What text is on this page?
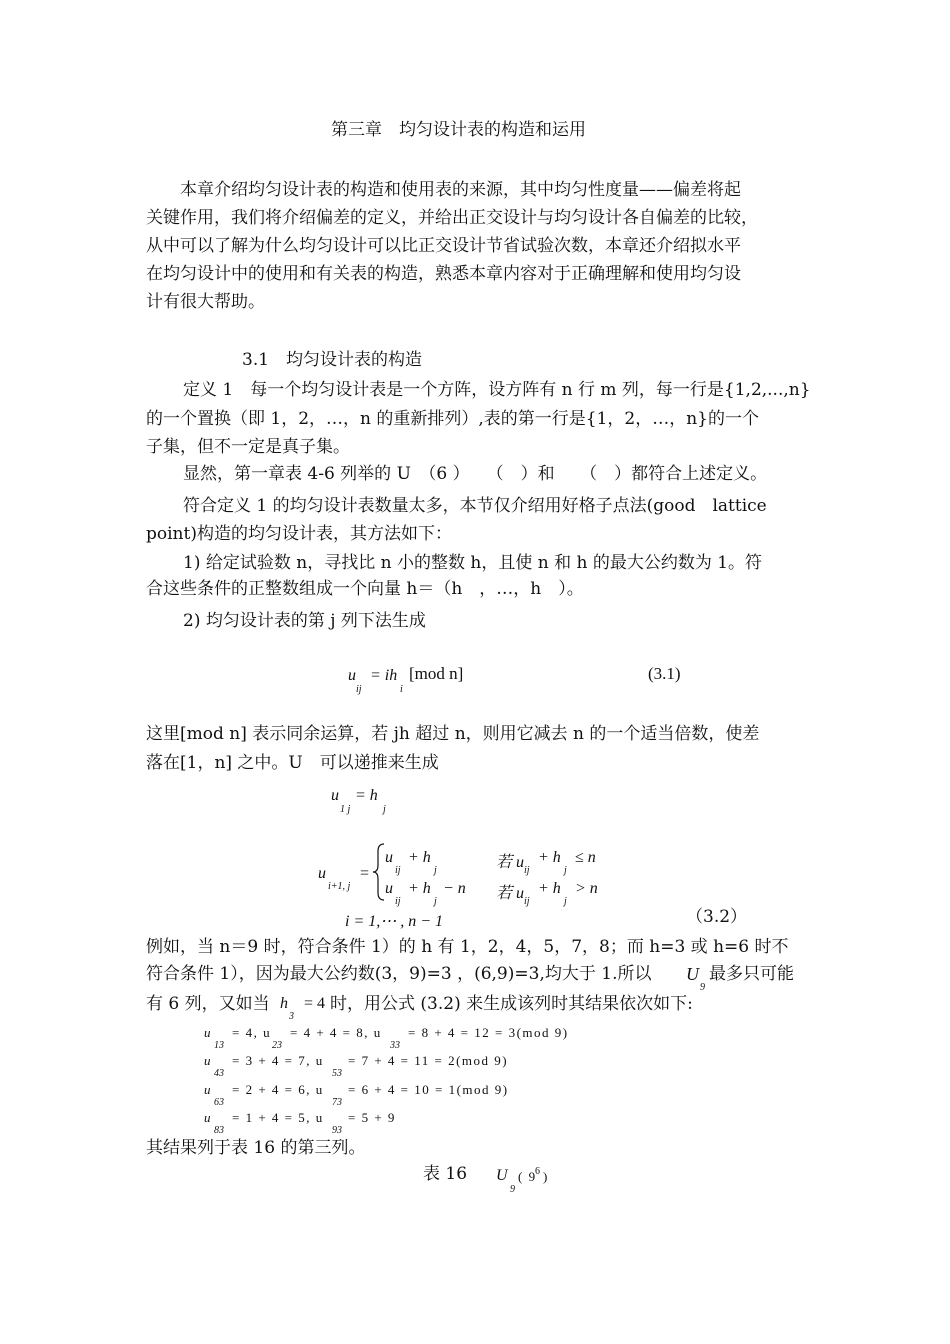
第三章　均匀设计表的构造和运用
本章介绍均匀设计表的构造和使用表的来源，其中均匀性度量——偏差将起
关键作用，我们将介绍偏差的定义，并给出正交设计与均匀设计各自偏差的比较，
从中可以了解为什么均匀设计可以比正交设计节省试验次数，本章还介绍拟水平
在均匀设计中的使用和有关表的构造，熟悉本章内容对于正确理解和使用均匀设
计有很大帮助。
3.1　均匀设计表的构造
定义 1　每一个均匀设计表是一个方阵，设方阵有 n 行 m 列，每一行是{1,2,...,n}
的一个置换（即 1，2，…，n 的重新排列）,表的第一行是{1，2，…，n}的一个
子集，但不一定是真子集。
显然，第一章表 4-6 列举的 U　（6 ）　　（　）和　　（　）都符合上述定义。
符合定义 1 的均匀设计表数量太多，本节仅介绍用好格子点法(good　lattice
point)构造的均匀设计表，其方法如下：
1) 给定试验数 n，寻找比 n 小的整数 h，且使 n 和 h 的最大公约数为 1。符
合这些条件的正整数组成一个向量 h＝（h　，…，h　）。
2) 均匀设计表的第 j 列下法生成
u
ij
= ih
i
[mod n]	(3.1)
这里[mod n] 表示同余运算，若 jh 超过 n，则用它减去 n 的一个适当倍数，使差
落在[1，n] 之中。U　可以递推来生成
u
1 j
= h
j
u
i+1, j
=
u
ij
+ h
j	若 u ij
+ h
j
≤ n
u
ij
+ h
j
− n 若 u ij
+ h
j
> n
i = 1,⋯ , n − 1	（3.2）
例如，当 n＝9 时，符合条件 1）的 h 有 1，2，4，5，7，8；而 h=3 或 h=6 时不
符合条件 1），因为最大公约数(3，9)=3 ，(6,9)=3,均大于 1.所以 U
9
最多只可能
有 6 列，又如当 h
3
= 4 时，用公式 (3.2) 来生成该列时其结果依次如下:
u
13
= 4, u
23
= 4 + 4 = 8, u
33
= 8 + 4 = 12 = 3(mod 9)
u
43
= 3 + 4 = 7, u
53
= 7 + 4 = 11 = 2(mod 9)
u
63
= 2 + 4 = 6, u
73
= 6 + 4 = 10 = 1(mod 9)
u
83
= 1 + 4 = 5, u
93
= 5 + 9
其结果列于表 16 的第三列。
表 16 U
9
( 9
6 )
